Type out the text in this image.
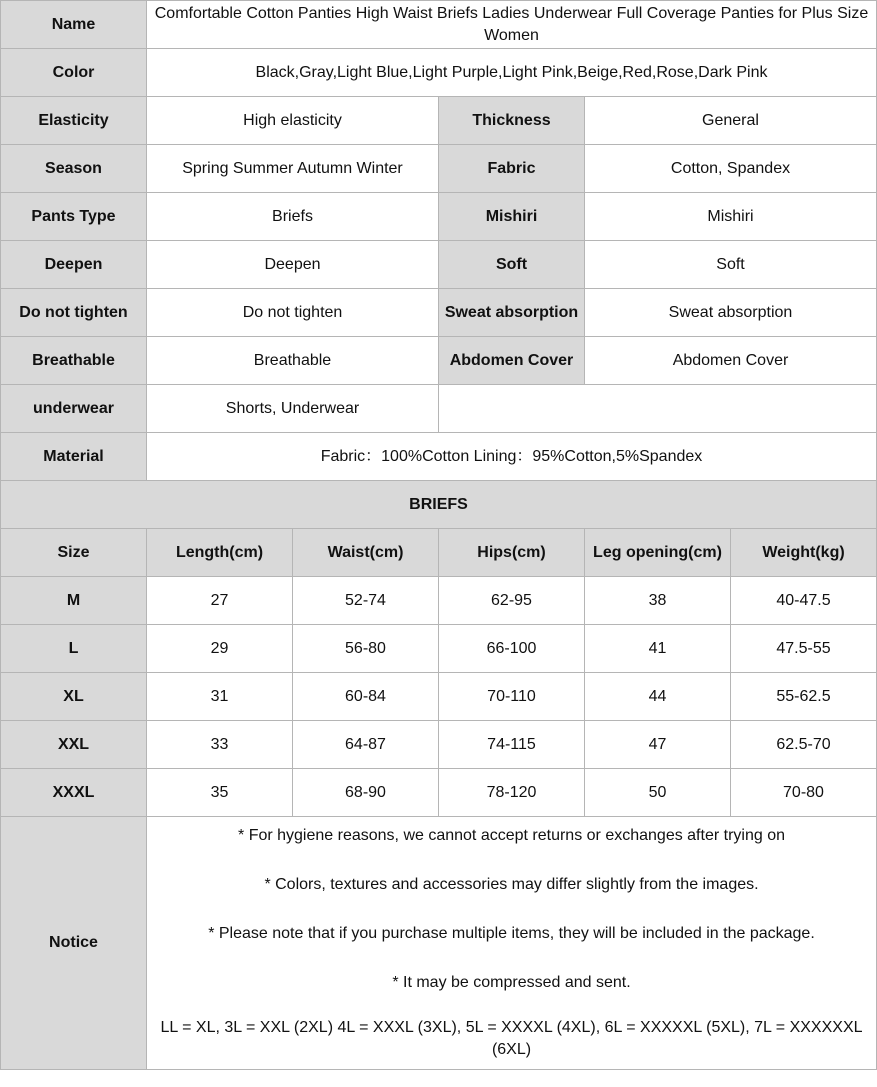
Name	Comfortable Cotton Panties High Waist Briefs Ladies Underwear Full Coverage Panties for Plus Size Women				
Color	Black,Gray,Light Blue,Light Purple,Light Pink,Beige,Red,Rose,Dark Pink				
Elasticity	High elasticity		Thickness	General	
Season	Spring Summer Autumn Winter		Fabric	Cotton, Spandex	
Pants Type	Briefs		Mishiri	Mishiri	
Deepen	Deepen		Soft	Soft	
Do not tighten	Do not tighten		Sweat absorption	Sweat absorption	
Breathable	Breathable		Abdomen Cover	Abdomen Cover	
underwear	Shorts, Underwear				
Material	Fabric：100%Cotton Lining：95%Cotton,5%Spandex				
BRIEFS					
Size	Length(cm)	Waist(cm)	Hips(cm)	Leg opening(cm)	Weight(kg)
M	27	52-74	62-95	38	40-47.5
L	29	56-80	66-100	41	47.5-55
XL	31	60-84	70-110	44	55-62.5
XXL	33	64-87	74-115	47	62.5-70
XXXL	35	68-90	78-120	50	70-80
Notice	* For hygiene reasons, we cannot accept returns or exchanges after trying on

* Colors, textures and accessories may differ slightly from the images.

* Please note that if you purchase multiple items, they will be included in the package.

* It may be compressed and sent.

LL = XL, 3L = XXL (2XL) 4L = XXXL (3XL), 5L = XXXXL (4XL), 6L = XXXXXL (5XL), 7L = XXXXXXL (6XL)				
